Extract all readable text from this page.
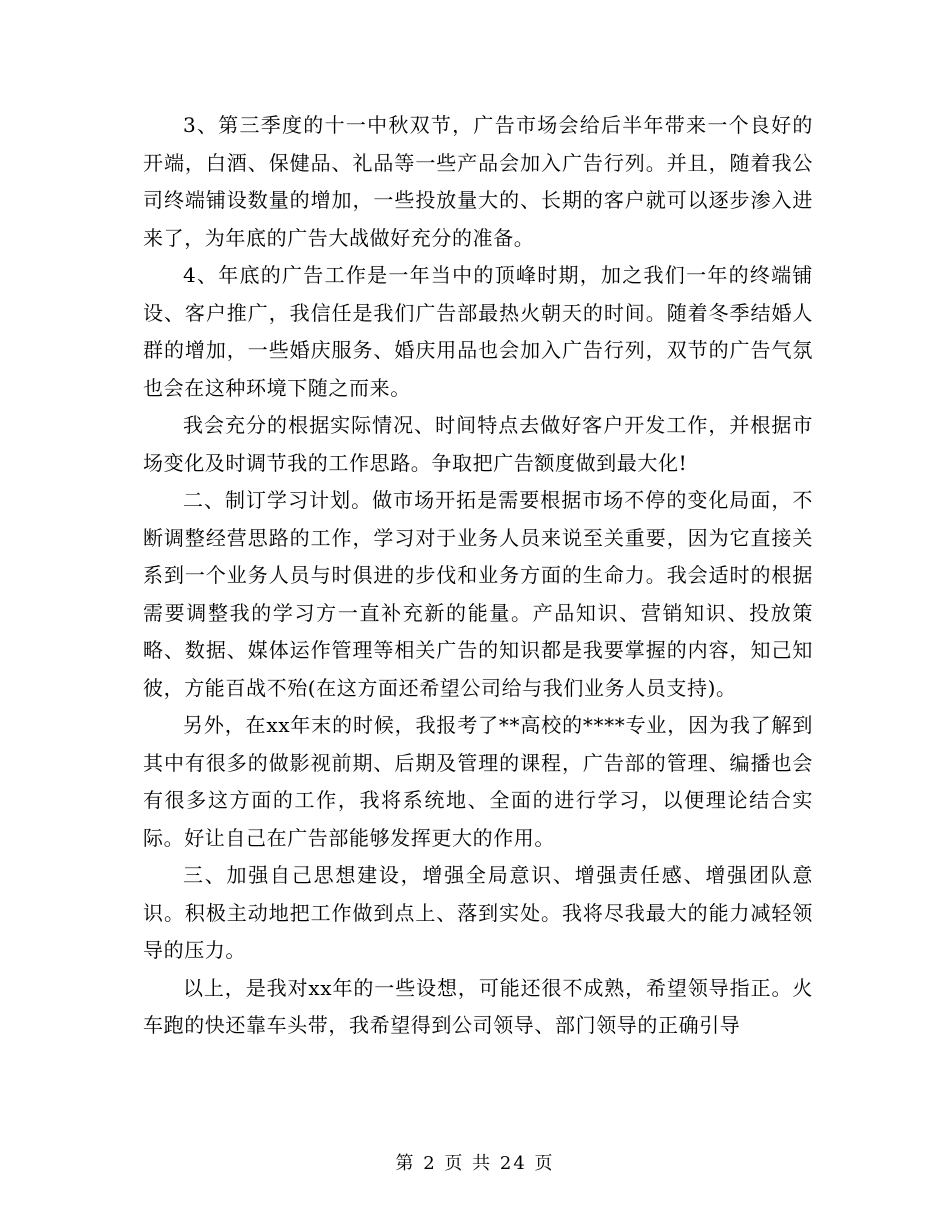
3、第三季度的十一中秋双节，广告市场会给后半年带来一个良好的开端，白酒、保健品、礼品等一些产品会加入广告行列。并且，随着我公司终端铺设数量的增加，一些投放量大的、长期的客户就可以逐步渗入进来了，为年底的广告大战做好充分的准备。

4、年底的广告工作是一年当中的顶峰时期，加之我们一年的终端铺设、客户推广，我信任是我们广告部最热火朝天的时间。随着冬季结婚人群的增加，一些婚庆服务、婚庆用品也会加入广告行列，双节的广告气氛也会在这种环境下随之而来。

我会充分的根据实际情况、时间特点去做好客户开发工作，并根据市场变化及时调节我的工作思路。争取把广告额度做到最大化!

二、制订学习计划。做市场开拓是需要根据市场不停的变化局面，不断调整经营思路的工作，学习对于业务人员来说至关重要，因为它直接关系到一个业务人员与时俱进的步伐和业务方面的生命力。我会适时的根据需要调整我的学习方一直补充新的能量。产品知识、营销知识、投放策略、数据、媒体运作管理等相关广告的知识都是我要掌握的内容，知己知彼，方能百战不殆(在这方面还希望公司给与我们业务人员支持)。

另外，在xx年末的时候，我报考了**高校的****专业，因为我了解到其中有很多的做影视前期、后期及管理的课程，广告部的管理、编播也会有很多这方面的工作，我将系统地、全面的进行学习，以便理论结合实际。好让自己在广告部能够发挥更大的作用。

三、加强自己思想建设，增强全局意识、增强责任感、增强团队意识。积极主动地把工作做到点上、落到实处。我将尽我最大的能力减轻领导的压力。

以上，是我对xx年的一些设想，可能还很不成熟，希望领导指正。火车跑的快还靠车头带，我希望得到公司领导、部门领导的正确引导

第 2 页 共 24 页
